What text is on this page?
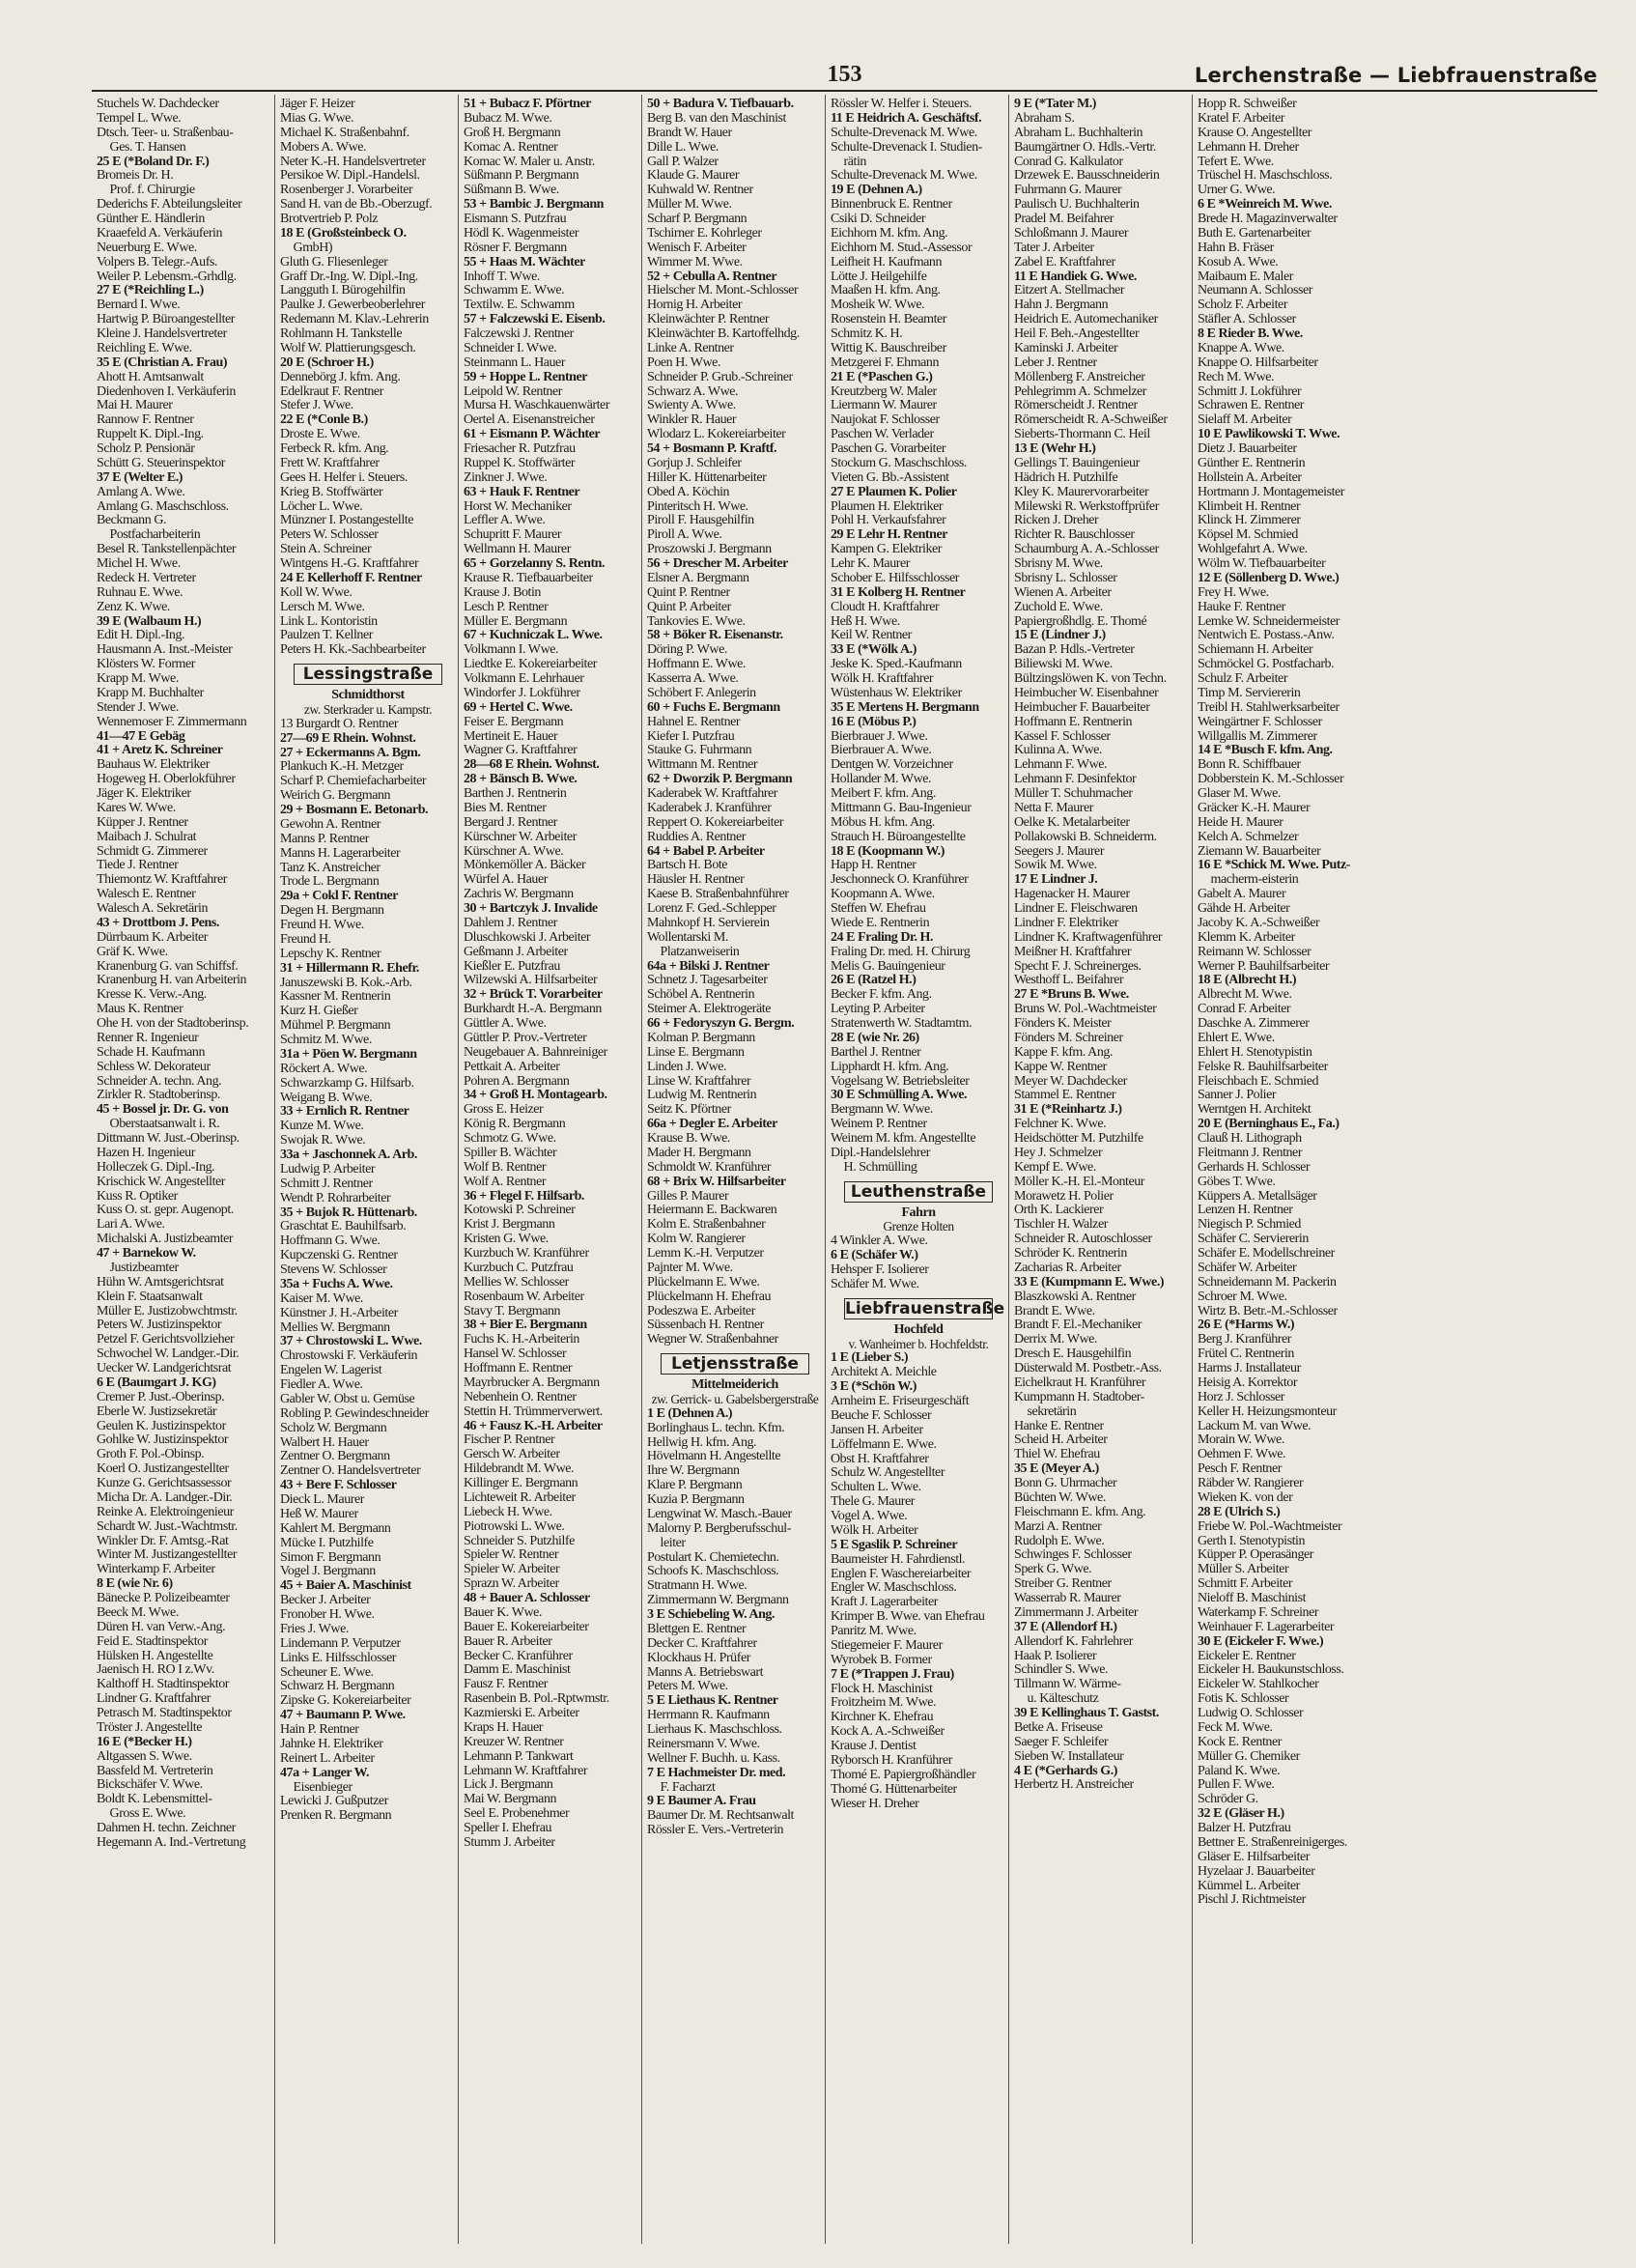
153	Lerchenstraße — Liebfrauenstraße
Stuchels W. Dachdecker
Tempel L. Wwe.
Dtsch. Teer- u. Straßenbau-
 Ges. T. Hansen
25 E (*Boland Dr. F.)
Bromeis Dr. H.
 Prof. f. Chirurgie
Dederichs F. Abteilungsleiter
Günther E. Händlerin
Kraaefeld A. Verkäuferin
Neuerburg E. Wwe.
Volpers B. Telegr.-Aufs.
Weiler P. Lebensm.-Grhdlg.
27 E (*Reichling L.)
Bernard I. Wwe.
Hartwig P. Büroangestellter
Kleine J. Handelsvertreter
Reichling E. Wwe.
35 E (Christian A. Frau)
Ahott H. Amtsanwalt
Diedenhoven I. Verkäuferin
Mai H. Maurer
Rannow F. Rentner
Ruppelt K. Dipl.-Ing.
Scholz P. Pensionär
Schütt G. Steuerinspektor
37 E (Welter E.)
Amlang A. Wwe.
Amlang G. Maschschloss.
Beckmann G.
 Postfacharbeiterin
Besel R. Tankstellenpächter
Michel H. Wwe.
Redeck H. Vertreter
Ruhnau E. Wwe.
Zenz K. Wwe.
39 E (Walbaum H.)
Edit H. Dipl.-Ing.
Hausmann A. Inst.-Meister
Klösters W. Former
Krapp M. Wwe.
Krapp M. Buchhalter
Stender J. Wwe.
Wennemoser F. Zimmermann
41—47 E Gebäg
41 + Aretz K. Schreiner
Bauhaus W. Elektriker
Hogeweg H. Oberlokführer
Jäger K. Elektriker
Kares W. Wwe.
Küpper J. Rentner
Maibach J. Schulrat
Schmidt G. Zimmerer
Tiede J. Rentner
Thiemontz W. Kraftfahrer
Walesch E. Rentner
Walesch A. Sekretärin
43 + Drottbom J. Pens.
Dürrbaum K. Arbeiter
Gräf K. Wwe.
Kranenburg G. van Schiffsf.
Kranenburg H. van Arbeiterin
Kresse K. Verw.-Ang.
Maus K. Rentner
Ohe H. von der Stadtoberinsp.
Renner R. Ingenieur
Schade H. Kaufmann
Schless W. Dekorateur
Schneider A. techn. Ang.
Zirkler R. Stadtoberinsp.
45 + Bossel jr. Dr. G. von
 Oberstaatsanwalt i. R.
Dittmann W. Just.-Oberinsp.
Hazen H. Ingenieur
Holleczek G. Dipl.-Ing.
Krischick W. Angestellter
Kuss R. Optiker
Kuss O. st. gepr. Augenopt.
Lari A. Wwe.
Michalski A. Justizbeamter
47 + Barnekow W.
 Justizbeamter
Hühn W. Amtsgerichtsrat
Klein F. Staatsanwalt
Müller E. Justizobwchtmstr.
Peters W. Justizinspektor
Petzel F. Gerichtsvollzieher
Schwochel W. Landger.-Dir.
Uecker W. Landgerichtsrat
6 E (Baumgart J. KG)
Cremer P. Just.-Oberinsp.
Eberle W. Justizsekretär
Geulen K. Justizinspektor
Gohlke W. Justizinspektor
Groth F. Pol.-Obinsp.
Koerl O. Justizangestellter
Kunze G. Gerichtsassessor
Micha Dr. A. Landger.-Dir.
Reinke A. Elektroingenieur
Schardt W. Just.-Wachtmstr.
Winkler Dr. F. Amtsg.-Rat
Winter M. Justizangestellter
Winterkamp F. Arbeiter
8 E (wie Nr. 6)
Bänecke P. Polizeibeamter
Beeck M. Wwe.
Düren H. van Verw.-Ang.
Feid E. Stadtinspektor
Hülsken H. Angestellte
Jaenisch H. RO I z.Wv.
Kalthoff H. Stadtinspektor
Lindner G. Kraftfahrer
Petrasch M. Stadtinspektor
Tröster J. Angestellte
16 E (*Becker H.)
Altgassen S. Wwe.
Bassfeld M. Vertreterin
Bickschäfer V. Wwe.
Boldt K. Lebensmittel-
 Gross E. Wwe.
Dahmen H. techn. Zeichner
Hegemann A. Ind.-Vertretung
Jäger F. Heizer
Mias G. Wwe.
Michael K. Straßenbahnf.
Mobers A. Wwe.
Neter K.-H. Handelsvertreter
Persikoe W. Dipl.-Handelsl.
Rosenberger J. Vorarbeiter
Sand H. van de Bb.-Oberzugf.
Brotvertrieb P. Polz
18 E (Großsteinbeck O.
 GmbH)
Gluth G. Fliesenleger
Graff Dr.-Ing. W. Dipl.-Ing.
Langguth I. Bürogehilfin
Paulke J. Gewerbeoberlehrer
Redemann M. Klav.-Lehrerin
Rohlmann H. Tankstelle
Wolf W. Plattierungsgesch.
20 E (Schroer H.)
Dennebörg J. kfm. Ang.
Edelkraut F. Rentner
Stefer J. Wwe.
22 E (*Conle B.)
Droste E. Wwe.
Ferbeck R. kfm. Ang.
Frett W. Kraftfahrer
Gees H. Helfer i. Steuers.
Krieg B. Stoffwärter
Löcher L. Wwe.
Münzner I. Postangestellte
Peters W. Schlosser
Stein A. Schreiner
Wintgens H.-G. Kraftfahrer
24 E Kellerhoff F. Rentner
Koll W. Wwe.
Lersch M. Wwe.
Link L. Kontoristin
Paulzen T. Kellner
Peters H. Kk.-Sachbearbeiter
Lessingstraße
Schmidthorst
zw. Sterkrader u. Kampstr.
13 Burgardt O. Rentner
27—69 E Rhein. Wohnst.
27 + Eckermanns A. Bgm.
Plankuch K.-H. Metzger
Scharf P. Chemiefacharbeiter
Weirich G. Bergmann
29 + Bosmann E. Betonarb.
Gewohn A. Rentner
Manns P. Rentner
Manns H. Lagerarbeiter
Tanz K. Anstreicher
Trode L. Bergmann
29a + Cokl F. Rentner
Degen H. Bergmann
Freund H. Wwe.
Freund H.
Lepschy K. Rentner
31 + Hillermann R. Ehefr.
Januszewski B. Kok.-Arb.
Kassner M. Rentnerin
Kurz H. Gießer
Mühmel P. Bergmann
Schmitz M. Wwe.
31a + Pöen W. Bergmann
Röckert A. Wwe.
Schwarzkamp G. Hilfsarb.
Weigang B. Wwe.
33 + Ernlich R. Rentner
Kunze M. Wwe.
Swojak R. Wwe.
33a + Jaschonnek A. Arb.
Ludwig P. Arbeiter
Schmitt J. Rentner
Wendt P. Rohrarbeiter
35 + Bujok R. Hüttenarb.
Graschtat E. Bauhilfsarb.
Hoffmann G. Wwe.
Kupczenski G. Rentner
Stevens W. Schlosser
35a + Fuchs A. Wwe.
Kaiser M. Wwe.
Künstner J. H.-Arbeiter
Mellies W. Bergmann
37 + Chrostowski L. Wwe.
Chrostowski F. Verkäuferin
Engelen W. Lagerist
Fiedler A. Wwe.
Gabler W. Obst u. Gemüse
Robling P. Gewindeschneider
Scholz W. Bergmann
Walbert H. Hauer
Zentner O. Bergmann
Zentner O. Handelsvertreter
43 + Bere F. Schlosser
Dieck L. Maurer
Heß W. Maurer
Kahlert M. Bergmann
Mücke I. Putzhilfe
Simon F. Bergmann
Vogel J. Bergmann
45 + Baier A. Maschinist
Becker J. Arbeiter
Fronober H. Wwe.
Fries J. Wwe.
Lindemann P. Verputzer
Links E. Hilfsschlosser
Scheuner E. Wwe.
Schwarz H. Bergmann
Zipske G. Kokereiarbeiter
47 + Baumann P. Wwe.
Hain P. Rentner
Jahnke H. Elektriker
Reinert L. Arbeiter
47a + Langer W.
 Eisenbieger
Lewicki J. Gußputzer
Prenken R. Bergmann
51 + Bubacz F. Pförtner
Bubacz M. Wwe.
Groß H. Bergmann
Komac A. Rentner
Komac W. Maler u. Anstr.
Süßmann P. Bergmann
Süßmann B. Wwe.
53 + Bambic J. Bergmann
Eismann S. Putzfrau
Hödl K. Wagenmeister
Rösner F. Bergmann
55 + Haas M. Wächter
Inhoff T. Wwe.
Schwamm E. Wwe.
Textilw. E. Schwamm
57 + Falczewski E. Eisenb.
Falczewski J. Rentner
Schneider I. Wwe.
Steinmann L. Hauer
59 + Hoppe L. Rentner
Leipold W. Rentner
Mursa H. Waschkauenwärter
Oertel A. Eisenanstreicher
61 + Eismann P. Wächter
Friesacher R. Putzfrau
Ruppel K. Stoffwärter
Zinkner J. Wwe.
63 + Hauk F. Rentner
Horst W. Mechaniker
Leffler A. Wwe.
Schupritt F. Maurer
Wellmann H. Maurer
65 + Gorzelanny S. Rentn.
Krause R. Tiefbauarbeiter
Krause J. Botin
Lesch P. Rentner
Müller E. Bergmann
67 + Kuchniczak L. Wwe.
Volkmann I. Wwe.
Liedtke E. Kokereiarbeiter
Volkmann E. Lehrhauer
Windorfer J. Lokführer
69 + Hertel C. Wwe.
Feiser E. Bergmann
Mertineit E. Hauer
Wagner G. Kraftfahrer
28—68 E Rhein. Wohnst.
28 + Bänsch B. Wwe.
Barthen J. Rentnerin
Bies M. Rentner
Bergard J. Rentner
Kürschner W. Arbeiter
Kürschner A. Wwe.
Mönkemöller A. Bäcker
Würfel A. Hauer
Zachris W. Bergmann
30 + Bartczyk J. Invalide
Dahlem J. Rentner
Dluschkowski J. Arbeiter
Geßmann J. Arbeiter
Kießler E. Putzfrau
Wilzewski A. Hilfsarbeiter
32 + Brück T. Vorarbeiter
Burkhardt H.-A. Bergmann
Güttler A. Wwe.
Güttler P. Prov.-Vertreter
Neugebauer A. Bahnreiniger
Pettkait A. Arbeiter
Pohren A. Bergmann
34 + Groß H. Montagearb.
Gross E. Heizer
König R. Bergmann
Schmotz G. Wwe.
Spiller B. Wächter
Wolf B. Rentner
Wolf A. Rentner
36 + Flegel F. Hilfsarb.
Kotowski P. Schreiner
Krist J. Bergmann
Kristen G. Wwe.
Kurzbuch W. Kranführer
Kurzbuch C. Putzfrau
Mellies W. Schlosser
Rosenbaum W. Arbeiter
Stavy T. Bergmann
38 + Bier E. Bergmann
Fuchs K. H.-Arbeiterin
Hansel W. Schlosser
Hoffmann E. Rentner
Mayrbrucker A. Bergmann
Nebenhein O. Rentner
Stettin H. Trümmerverwert.
46 + Fausz K.-H. Arbeiter
Fischer P. Rentner
Gersch W. Arbeiter
Hildebrandt M. Wwe.
Killinger E. Bergmann
Lichteweit R. Arbeiter
Liebeck H. Wwe.
Piotrowski L. Wwe.
Schneider S. Putzhilfe
Spieler W. Rentner
Spieler W. Arbeiter
Sprazn W. Arbeiter
48 + Bauer A. Schlosser
Bauer K. Wwe.
Bauer E. Kokereiarbeiter
Bauer R. Arbeiter
Becker C. Kranführer
Damm E. Maschinist
Fausz F. Rentner
Rasenbein B. Pol.-Rptwmstr.
Kazmierski E. Arbeiter
Kraps H. Hauer
Kreuzer W. Rentner
Lehmann P. Tankwart
Lehmann W. Kraftfahrer
Lick J. Bergmann
Mai W. Bergmann
Seel E. Probenehmer
Speller I. Ehefrau
Stumm J. Arbeiter
50 + Badura V. Tiefbauarb.
Berg B. van den Maschinist
Brandt W. Hauer
Dille L. Wwe.
Gall P. Walzer
Klaude G. Maurer
Kuhwald W. Rentner
Müller M. Wwe.
Scharf P. Bergmann
Tschirner E. Kohrleger
Wenisch F. Arbeiter
Wimmer M. Wwe.
52 + Cebulla A. Rentner
Hielscher M. Mont.-Schlosser
Hornig H. Arbeiter
Kleinwächter P. Rentner
Kleinwächter B. Kartoffelhdg.
Linke A. Rentner
Poen H. Wwe.
Schneider P. Grub.-Schreiner
Schwarz A. Wwe.
Swienty A. Wwe.
Winkler R. Hauer
Wlodarz L. Kokereiarbeiter
54 + Bosmann P. Kraftf.
Gorjup J. Schleifer
Hiller K. Hüttenarbeiter
Obed A. Köchin
Pinteritsch H. Wwe.
Piroll F. Hausgehilfin
Piroll A. Wwe.
Proszowski J. Bergmann
56 + Drescher M. Arbeiter
Elsner A. Bergmann
Quint P. Rentner
Quint P. Arbeiter
Tankovies E. Wwe.
58 + Böker R. Eisenanstr.
Döring P. Wwe.
Hoffmann E. Wwe.
Kasserra A. Wwe.
Schöbert F. Anlegerin
60 + Fuchs E. Bergmann
Hahnel E. Rentner
Kiefer I. Putzfrau
Stauke G. Fuhrmann
Wittmann M. Rentner
62 + Dworzik P. Bergmann
Kaderabek W. Kraftfahrer
Kaderabek J. Kranführer
Reppert O. Kokereiarbeiter
Ruddies A. Rentner
64 + Babel P. Arbeiter
Bartsch H. Bote
Häusler H. Rentner
Kaese B. Straßenbahnführer
Lorenz F. Ged.-Schlepper
Mahnkopf H. Servierein
Wollentarski M.
 Platzanweiserin
64a + Bilski J. Rentner
Schnetz J. Tagesarbeiter
Schöbel A. Rentnerin
Steimer A. Elektrogeräte
66 + Fedoryszyn G. Bergm.
Kolman P. Bergmann
Linse E. Bergmann
Linden J. Wwe.
Linse W. Kraftfahrer
Ludwig M. Rentnerin
Seitz K. Pförtner
66a + Degler E. Arbeiter
Krause B. Wwe.
Mader H. Bergmann
Schmoldt W. Kranführer
68 + Brix W. Hilfsarbeiter
Gilles P. Maurer
Heiermann E. Backwaren
Kolm E. Straßenbahner
Kolm W. Rangierer
Lemm K.-H. Verputzer
Pajnter M. Wwe.
Plückelmann E. Wwe.
Plückelmann H. Ehefrau
Podeszwa E. Arbeiter
Süssenbach H. Rentner
Wegner W. Straßenbahner
Letjensstraße
Mittelmeiderich
zw. Gerrick- u. Gabelsbergerstraße
1 E (Dehnen A.)
Borlinghaus L. techn. Kfm.
Hellwig H. kfm. Ang.
Hövelmann H. Angestellte
Ihre W. Bergmann
Klare P. Bergmann
Kuzia P. Bergmann
Lengwinat W. Masch.-Bauer
Malorny P. Bergberufsschul-
 leiter
Postulart K. Chemietechn.
Schoofs K. Maschschloss.
Stratmann H. Wwe.
Zimmermann W. Bergmann
3 E Schiebeling W. Ang.
Blettgen E. Rentner
Decker C. Kraftfahrer
Klockhaus H. Prüfer
Manns A. Betriebswart
Peters M. Wwe.
5 E Liethaus K. Rentner
Herrmann R. Kaufmann
Lierhaus K. Maschschloss.
Reinersmann V. Wwe.
Wellner F. Buchh. u. Kass.
7 E Hachmeister Dr. med.
 F. Facharzt
9 E Baumer A. Frau
Baumer Dr. M. Rechtsanwalt
Rössler E. Vers.-Vertreterin
Rössler W. Helfer i. Steuers.
11 E Heidrich A. Geschäftsf.
Schulte-Drevenack M. Wwe.
Schulte-Drevenack I. Studien-
 rätin
Schulte-Drevenack M. Wwe.
19 E (Dehnen A.)
Binnenbruck E. Rentner
Csiki D. Schneider
Eichhorn M. kfm. Ang.
Eichhorn M. Stud.-Assessor
Leifheit H. Kaufmann
Lötte J. Heilgehilfe
Maaßen H. kfm. Ang.
Mosheik W. Wwe.
Rosenstein H. Beamter
Schmitz K. H.
Wittig K. Bauschreiber
Metzgerei F. Ehmann
21 E (*Paschen G.)
Kreutzberg W. Maler
Liermann W. Maurer
Naujokat F. Schlosser
Paschen W. Verlader
Paschen G. Vorarbeiter
Stockum G. Maschschloss.
Vieten G. Bb.-Assistent
27 E Plaumen K. Polier
Plaumen H. Elektriker
Pohl H. Verkaufsfahrer
29 E Lehr H. Rentner
Kampen G. Elektriker
Lehr K. Maurer
Schober E. Hilfsschlosser
31 E Kolberg H. Rentner
Cloudt H. Kraftfahrer
Heß H. Wwe.
Keil W. Rentner
33 E (*Wölk A.)
Jeske K. Sped.-Kaufmann
Wölk H. Kraftfahrer
Wüstenhaus W. Elektriker
35 E Mertens H. Bergmann
16 E (Möbus P.)
Bierbrauer J. Wwe.
Bierbrauer A. Wwe.
Dentgen W. Vorzeichner
Hollander M. Wwe.
Meibert F. kfm. Ang.
Mittmann G. Bau-Ingenieur
Möbus H. kfm. Ang.
Strauch H. Büroangestellte
18 E (Koopmann W.)
Happ H. Rentner
Jeschonneck O. Kranführer
Koopmann A. Wwe.
Steffen W. Ehefrau
Wiede E. Rentnerin
24 E Fraling Dr. H.
Fraling Dr. med. H. Chirurg
Melis G. Bauingenieur
26 E (Ratzel H.)
Becker F. kfm. Ang.
Leyting P. Arbeiter
Stratenwerth W. Stadtamtm.
28 E (wie Nr. 26)
Barthel J. Rentner
Lipphardt H. kfm. Ang.
Vogelsang W. Betriebsleiter
30 E Schmülling A. Wwe.
Bergmann W. Wwe.
Weinem P. Rentner
Weinem M. kfm. Angestellte
Dipl.-Handelslehrer
 H. Schmülling
Leuthenstraße
Fahrn
Grenze Holten
4 Winkler A. Wwe.
6 E (Schäfer W.)
Hehsper F. Isolierer
Schäfer M. Wwe.
Liebfrauenstraße
Hochfeld
v. Wanheimer b. Hochfeldstr.
1 E (Lieber S.)
Architekt A. Meichle
3 E (*Schön W.)
Arnheim E. Friseurgeschäft
Beuche F. Schlosser
Jansen H. Arbeiter
Löffelmann E. Wwe.
Obst H. Kraftfahrer
Schulz W. Angestellter
Schulten L. Wwe.
Thele G. Maurer
Vogel A. Wwe.
Wölk H. Arbeiter
5 E Sgaslik P. Schreiner
Baumeister H. Fahrdienstl.
Englen F. Waschereiarbeiter
Engler W. Maschschloss.
Kraft J. Lagerarbeiter
Krimper B. Wwe. van Ehefrau
Panritz M. Wwe.
Stiegemeier F. Maurer
Wyrobek B. Former
7 E (*Trappen J. Frau)
Flock H. Maschinist
Froitzheim M. Wwe.
Kirchner K. Ehefrau
Kock A. A.-Schweißer
Krause J. Dentist
Ryborsch H. Kranführer
Thomé E. Papiergroßhändler
Thomé G. Hüttenarbeiter
Wieser H. Dreher
9 E (*Tater M.)
Abraham S.
Abraham L. Buchhalterin
Baumgärtner O. Hdls.-Vertr.
Conrad G. Kalkulator
Drzewek E. Bausschneiderin
Fuhrmann G. Maurer
Paulisch U. Buchhalterin
Pradel M. Beifahrer
Schloßmann J. Maurer
Tater J. Arbeiter
Zabel E. Kraftfahrer
11 E Handiek G. Wwe.
Eitzert A. Stellmacher
Hahn J. Bergmann
Heidrich E. Automechaniker
Heil F. Beh.-Angestellter
Kaminski J. Arbeiter
Leber J. Rentner
Möllenberg F. Anstreicher
Pehlegrimm A. Schmelzer
Römerscheidt J. Rentner
Römerscheidt R. A-Schweißer
Sieberts-Thormann C. Heil
13 E (Wehr H.)
Gellings T. Bauingenieur
Hädrich H. Putzhilfe
Kley K. Maurervorarbeiter
Milewski R. Werkstoffprüfer
Ricken J. Dreher
Richter R. Bauschlosser
Schaumburg A. A.-Schlosser
Sbrisny M. Wwe.
Sbrisny L. Schlosser
Wienen A. Arbeiter
Zuchold E. Wwe.
Papiergroßhdlg. E. Thomé
15 E (Lindner J.)
Bazan P. Hdls.-Vertreter
Biliewski M. Wwe.
Bültzingslöwen K. von Techn.
Heimbucher W. Eisenbahner
Heimbucher F. Bauarbeiter
Hoffmann E. Rentnerin
Kassel F. Schlosser
Kulinna A. Wwe.
Lehmann F. Wwe.
Lehmann F. Desinfektor
Müller T. Schuhmacher
Netta F. Maurer
Oelke K. Metalarbeiter
Pollakowski B. Schneiderm.
Seegers J. Maurer
Sowik M. Wwe.
17 E Lindner J.
Hagenacker H. Maurer
Lindner E. Fleischwaren
Lindner F. Elektriker
Lindner K. Kraftwagenführer
Meißner H. Kraftfahrer
Specht F. J. Schreinerges.
Westhoff L. Beifahrer
27 E *Bruns B. Wwe.
Bruns W. Pol.-Wachtmeister
Fönders K. Meister
Fönders M. Schreiner
Kappe F. kfm. Ang.
Kappe W. Rentner
Meyer W. Dachdecker
Stammel E. Rentner
31 E (*Reinhartz J.)
Felchner K. Wwe.
Heidschötter M. Putzhilfe
Hey J. Schmelzer
Kempf E. Wwe.
Möller K.-H. El.-Monteur
Morawetz H. Polier
Orth K. Lackierer
Tischler H. Walzer
Schneider R. Autoschlosser
Schröder K. Rentnerin
Zacharias R. Arbeiter
33 E (Kumpmann E. Wwe.)
Blaszkowski A. Rentner
Brandt E. Wwe.
Brandt F. El.-Mechaniker
Derrix M. Wwe.
Dresch E. Hausgehilfin
Düsterwald M. Postbetr.-Ass.
Eichelkraut H. Kranführer
Kumpmann H. Stadtober-
 sekretärin
Hanke E. Rentner
Scheid H. Arbeiter
Thiel W. Ehefrau
35 E (Meyer A.)
Bonn G. Uhrmacher
Büchten W. Wwe.
Fleischmann E. kfm. Ang.
Marzi A. Rentner
Rudolph E. Wwe.
Schwinges F. Schlosser
Sperk G. Wwe.
Streiber G. Rentner
Wasserrab R. Maurer
Zimmermann J. Arbeiter
37 E (Allendorf H.)
Allendorf K. Fahrlehrer
Haak P. Isolierer
Schindler S. Wwe.
Tillmann W. Wärme-
 u. Kälteschutz
39 E Kellinghaus T. Gastst.
Betke A. Friseuse
Saeger F. Schleifer
Sieben W. Installateur
4 E (*Gerhards G.)
Herbertz H. Anstreicher
Hopp R. Schweißer
Kratel F. Arbeiter
Krause O. Angestellter
Lehmann H. Dreher
Tefert E. Wwe.
Trüschel H. Maschschloss.
Urner G. Wwe.
6 E *Weinreich M. Wwe.
Brede H. Magazinverwalter
Buth E. Gartenarbeiter
Hahn B. Fräser
Kosub A. Wwe.
Maibaum E. Maler
Neumann A. Schlosser
Scholz F. Arbeiter
Stäfler A. Schlosser
8 E Rieder B. Wwe.
Knappe A. Wwe.
Knappe O. Hilfsarbeiter
Rech M. Wwe.
Schmitt J. Lokführer
Schrawen E. Rentner
Sielaff M. Arbeiter
10 E Pawlikowski T. Wwe.
Dietz J. Bauarbeiter
Günther E. Rentnerin
Hollstein A. Arbeiter
Hortmann J. Montagemeister
Klimbeit H. Rentner
Klinck H. Zimmerer
Köpsel M. Schmied
Wohlgefahrt A. Wwe.
Wölm W. Tiefbauarbeiter
12 E (Söllenberg D. Wwe.)
Frey H. Wwe.
Hauke F. Rentner
Lemke W. Schneidermeister
Nentwich E. Postass.-Anw.
Schiemann H. Arbeiter
Schmöckel G. Postfacharb.
Schulz F. Arbeiter
Timp M. Serviererin
Treibl H. Stahlwerksarbeiter
Weingärtner F. Schlosser
Willgallis M. Zimmerer
14 E *Busch F. kfm. Ang.
Bonn R. Schiffbauer
Dobberstein K. M.-Schlosser
Glaser M. Wwe.
Gräcker K.-H. Maurer
Heide H. Maurer
Kelch A. Schmelzer
Ziemann W. Bauarbeiter
16 E *Schick M. Wwe. Putz-
 macherm-eisterin
Gabelt A. Maurer
Gähde H. Arbeiter
Jacoby K. A.-Schweißer
Klemm K. Arbeiter
Reimann W. Schlosser
Werner P. Bauhilfsarbeiter
18 E (Albrecht H.)
Albrecht M. Wwe.
Conrad F. Arbeiter
Daschke A. Zimmerer
Ehlert E. Wwe.
Ehlert H. Stenotypistin
Felske R. Bauhilfsarbeiter
Fleischbach E. Schmied
Sanner J. Polier
Werntgen H. Architekt
20 E (Berninghaus E., Fa.)
Clauß H. Lithograph
Fleitmann J. Rentner
Gerhards H. Schlosser
Göbes T. Wwe.
Küppers A. Metallsäger
Lenzen H. Rentner
Niegisch P. Schmied
Schäfer C. Serviererin
Schäfer E. Modellschreiner
Schäfer W. Arbeiter
Schneidemann M. Packerin
Schroer M. Wwe.
Wirtz B. Betr.-M.-Schlosser
26 E (*Harms W.)
Berg J. Kranführer
Frütel C. Rentnerin
Harms J. Installateur
Heisig A. Korrektor
Horz J. Schlosser
Keller H. Heizungsmonteur
Lackum M. van Wwe.
Morain W. Wwe.
Oehmen F. Wwe.
Pesch F. Rentner
Räbder W. Rangierer
Wieken K. von der
28 E (Ulrich S.)
Friebe W. Pol.-Wachtmeister
Gerth I. Stenotypistin
Küpper P. Operasänger
Müller S. Arbeiter
Schmitt F. Arbeiter
Nieloff B. Maschinist
Waterkamp F. Schreiner
Weinhauer F. Lagerarbeiter
30 E (Eickeler F. Wwe.)
Eickeler E. Rentner
Eickeler H. Baukunstschloss.
Eickeler W. Stahlkocher
Fotis K. Schlosser
Ludwig O. Schlosser
Feck M. Wwe.
Kock E. Rentner
Müller G. Chemiker
Paland K. Wwe.
Pullen F. Wwe.
Schröder G.
32 E (Gläser H.)
Balzer H. Putzfrau
Bettner E. Straßenreinigerges.
Gläser E. Hilfsarbeiter
Hyzelaar J. Bauarbeiter
Kümmel L. Arbeiter
Pischl J. Richtmeister
